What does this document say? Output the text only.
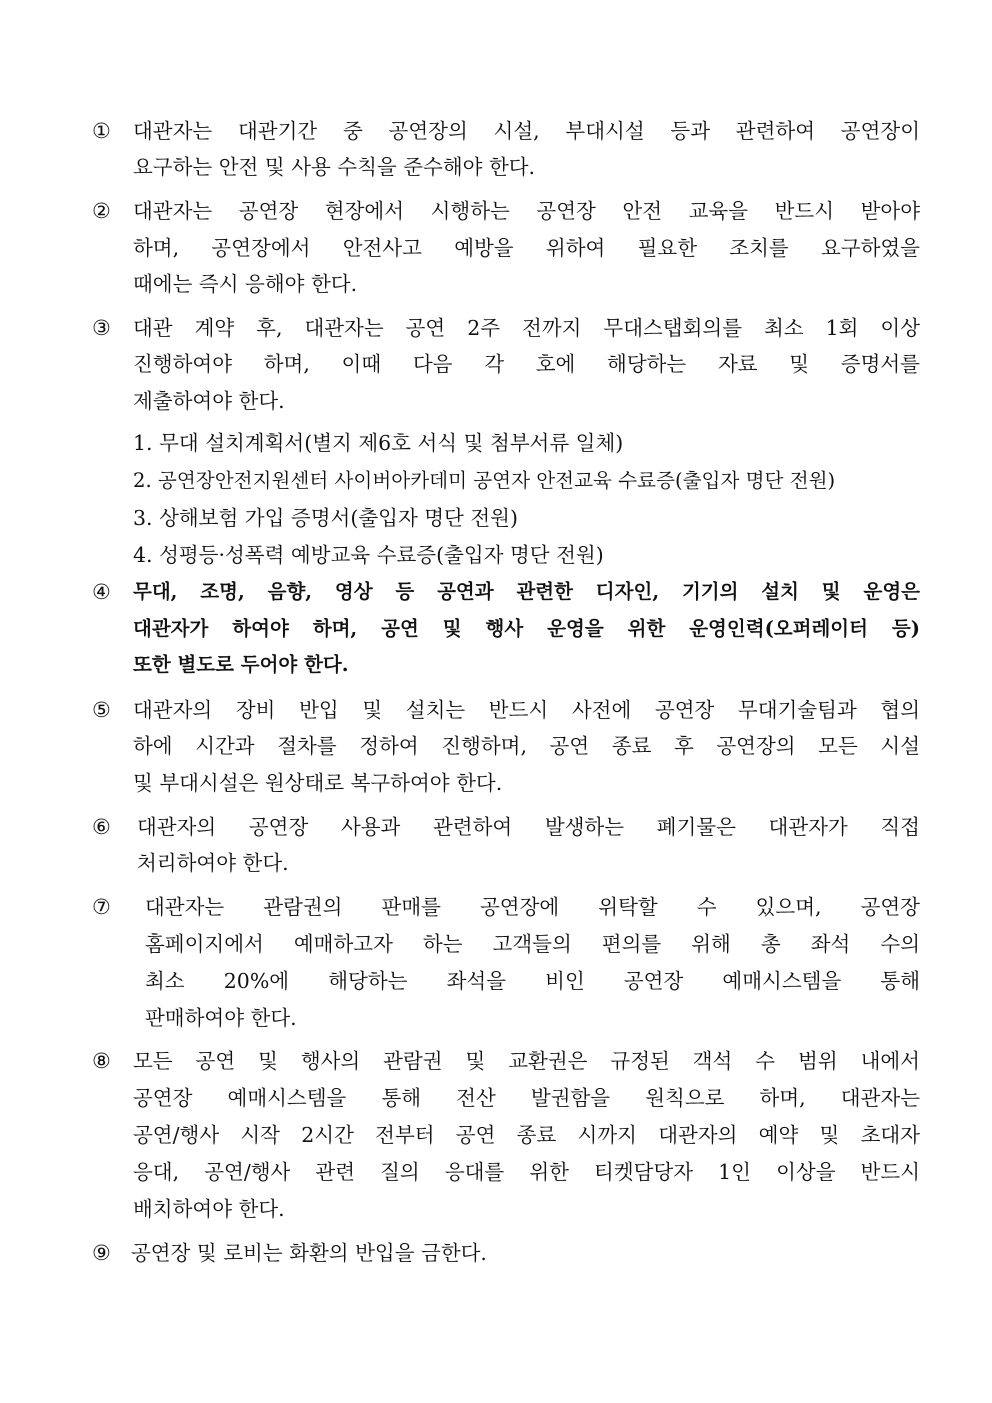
① 대관자는 대관기간 중 공연장의 시설, 부대시설 등과 관련하여 공연장이
요구하는 안전 및 사용 수칙을 준수해야 한다.
② 대관자는 공연장 현장에서 시행하는 공연장 안전 교육을 반드시 받아야
하며, 공연장에서 안전사고 예방을 위하여 필요한 조치를 요구하였을
때에는 즉시 응해야 한다.
③ 대관 계약 후, 대관자는 공연 2주 전까지 무대스탭회의를 최소 1회 이상
진행하여야 하며, 이때 다음 각 호에 해당하는 자료 및 증명서를
제출하여야 한다.
1. 무대 설치계획서(별지 제6호 서식 및 첨부서류 일체)
2. 공연장안전지원센터 사이버아카데미 공연자 안전교육 수료증(출입자 명단 전원)
3. 상해보험 가입 증명서(출입자 명단 전원)
4. 성평등·성폭력 예방교육 수료증(출입자 명단 전원)
④ 무대, 조명, 음향, 영상 등 공연과 관련한 디자인, 기기의 설치 및 운영은
대관자가 하여야 하며, 공연 및 행사 운영을 위한 운영인력(오퍼레이터 등)
또한 별도로 두어야 한다.
⑤ 대관자의 장비 반입 및 설치는 반드시 사전에 공연장 무대기술팀과 협의
하에 시간과 절차를 정하여 진행하며, 공연 종료 후 공연장의 모든 시설
및 부대시설은 원상태로 복구하여야 한다.
⑥ 대관자의 공연장 사용과 관련하여 발생하는 폐기물은 대관자가 직접
처리하여야 한다.
⑦ 대관자는 관람권의 판매를 공연장에 위탁할 수 있으며, 공연장
홈페이지에서 예매하고자 하는 고객들의 편의를 위해 총 좌석 수의
최소 20%에 해당하는 좌석을 비인 공연장 예매시스템을 통해
판매하여야 한다.
⑧ 모든 공연 및 행사의 관람권 및 교환권은 규정된 객석 수 범위 내에서
공연장 예매시스템을 통해 전산 발권함을 원칙으로 하며, 대관자는
공연/행사 시작 2시간 전부터 공연 종료 시까지 대관자의 예약 및 초대자
응대, 공연/행사 관련 질의 응대를 위한 티켓담당자 1인 이상을 반드시
배치하여야 한다.
⑨ 공연장 및 로비는 화환의 반입을 금한다.
